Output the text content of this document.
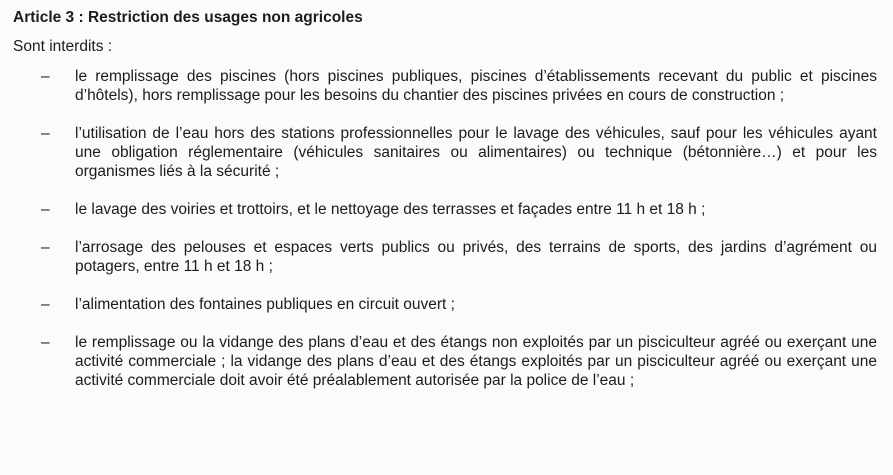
Article 3 : Restriction des usages non agricoles
Sont interdits :
– le remplissage des piscines (hors piscines publiques, piscines d’établissements recevant du public et piscines d’hôtels), hors remplissage pour les besoins du chantier des piscines privées en cours de construction ;
– l’utilisation de l’eau hors des stations professionnelles pour le lavage des véhicules, sauf pour les véhicules ayant une obligation réglementaire (véhicules sanitaires ou alimentaires) ou technique (bétonnière…) et pour les organismes liés à la sécurité ;
– le lavage des voiries et trottoirs, et le nettoyage des terrasses et façades entre 11 h et 18 h ;
– l’arrosage des pelouses et espaces verts publics ou privés, des terrains de sports, des jardins d’agrément ou potagers, entre 11 h et 18 h ;
– l’alimentation des fontaines publiques en circuit ouvert ;
– le remplissage ou la vidange des plans d’eau et des étangs non exploités par un pisciculteur agréé ou exerçant une activité commerciale ; la vidange des plans d’eau et des étangs exploités par un pisciculteur agréé ou exerçant une activité commerciale doit avoir été préalablement autorisée par la police de l’eau ;
